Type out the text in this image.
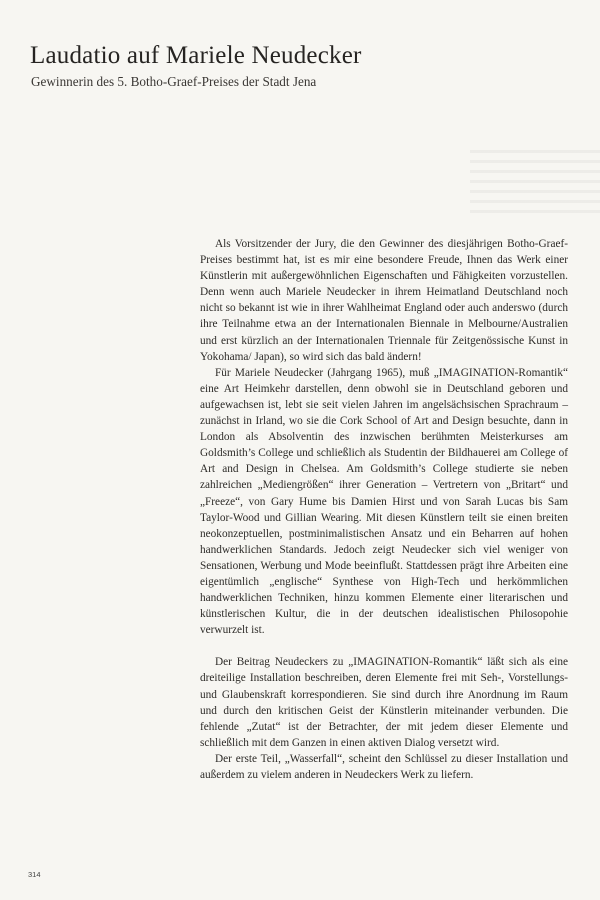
Laudatio auf Mariele Neudecker

Gewinnerin des 5. Botho-Graef-Preises der Stadt Jena

Als Vorsitzender der Jury, die den Gewinner des diesjährigen Botho-Graef-Preises bestimmt hat, ist es mir eine besondere Freude, Ihnen das Werk einer Künstlerin mit außergewöhnlichen Eigenschaften und Fähigkeiten vorzustellen. Denn wenn auch Mariele Neudecker in ihrem Heimatland Deutschland noch nicht so bekannt ist wie in ihrer Wahlheimat England oder auch anderswo (durch ihre Teilnahme etwa an der Internationalen Biennale in Melbourne/Australien und erst kürzlich an der Internationalen Triennale für Zeitgenössische Kunst in Yokohama/ Japan), so wird sich das bald ändern!

Für Mariele Neudecker (Jahrgang 1965), muß „IMAGINATION-Romantik“ eine Art Heimkehr darstellen, denn obwohl sie in Deutschland geboren und aufgewachsen ist, lebt sie seit vielen Jahren im angelsächsischen Sprachraum – zunächst in Irland, wo sie die Cork School of Art and Design besuchte, dann in London als Absolventin des inzwischen berühmten Meisterkurses am Goldsmith’s College und schließlich als Studentin der Bildhauerei am College of Art and Design in Chelsea. Am Goldsmith’s College studierte sie neben zahlreichen „Mediengrößen“ ihrer Generation – Vertretern von „Britart“ und „Freeze“, von Gary Hume bis Damien Hirst und von Sarah Lucas bis Sam Taylor-Wood und Gillian Wearing. Mit diesen Künstlern teilt sie einen breiten neokonzeptuellen, postminimalistischen Ansatz und ein Beharren auf hohen handwerklichen Standards. Jedoch zeigt Neudecker sich viel weniger von Sensationen, Werbung und Mode beeinflußt. Stattdessen prägt ihre Arbeiten eine eigentümlich „englische“ Synthese von High-Tech und herkömmlichen handwerklichen Techniken, hinzu kommen Elemente einer literarischen und künstlerischen Kultur, die in der deutschen idealistischen Philosopohie verwurzelt ist.

Der Beitrag Neudeckers zu „IMAGINATION-Romantik“ läßt sich als eine dreiteilige Installation beschreiben, deren Elemente frei mit Seh-, Vorstellungs- und Glaubenskraft korrespondieren. Sie sind durch ihre Anordnung im Raum und durch den kritischen Geist der Künstlerin miteinander verbunden. Die fehlende „Zutat“ ist der Betrachter, der mit jedem dieser Elemente und schließlich mit dem Ganzen in einen aktiven Dialog versetzt wird.

Der erste Teil, „Wasserfall“, scheint den Schlüssel zu dieser Installation und außerdem zu vielem anderen in Neudeckers Werk zu liefern.

314
